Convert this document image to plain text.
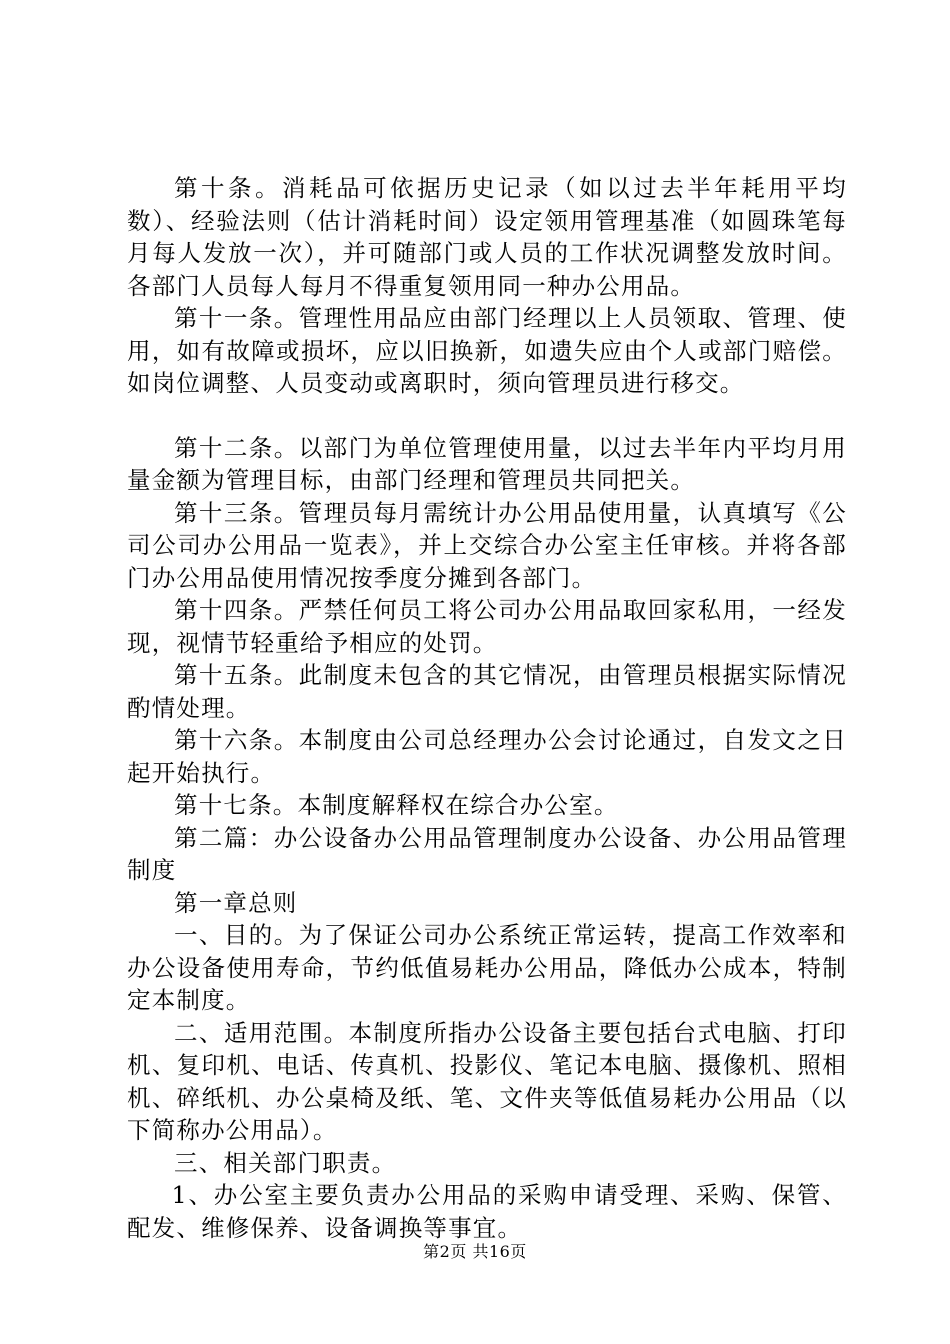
第十条。消耗品可依据历史记录（如以过去半年耗用平均数）、经验法则（估计消耗时间）设定领用管理基准（如圆珠笔每月每人发放一次），并可随部门或人员的工作状况调整发放时间。各部门人员每人每月不得重复领用同一种办公用品。

第十一条。管理性用品应由部门经理以上人员领取、管理、使用，如有故障或损坏，应以旧换新，如遗失应由个人或部门赔偿。如岗位调整、人员变动或离职时，须向管理员进行移交。

第十二条。以部门为单位管理使用量，以过去半年内平均月用量金额为管理目标，由部门经理和管理员共同把关。

第十三条。管理员每月需统计办公用品使用量，认真填写《公司公司办公用品一览表》，并上交综合办公室主任审核。并将各部门办公用品使用情况按季度分摊到各部门。

第十四条。严禁任何员工将公司办公用品取回家私用，一经发现，视情节轻重给予相应的处罚。

第十五条。此制度未包含的其它情况，由管理员根据实际情况酌情处理。

第十六条。本制度由公司总经理办公会讨论通过，自发文之日起开始执行。

第十七条。本制度解释权在综合办公室。

第二篇：办公设备办公用品管理制度办公设备、办公用品管理制度

第一章总则

一、目的。为了保证公司办公系统正常运转，提高工作效率和办公设备使用寿命，节约低值易耗办公用品，降低办公成本，特制定本制度。

二、适用范围。本制度所指办公设备主要包括台式电脑、打印机、复印机、电话、传真机、投影仪、笔记本电脑、摄像机、照相机、碎纸机、办公桌椅及纸、笔、文件夹等低值易耗办公用品（以下简称办公用品）。

三、相关部门职责。

1、办公室主要负责办公用品的采购申请受理、采购、保管、配发、维修保养、设备调换等事宜。

第2页 共16页
